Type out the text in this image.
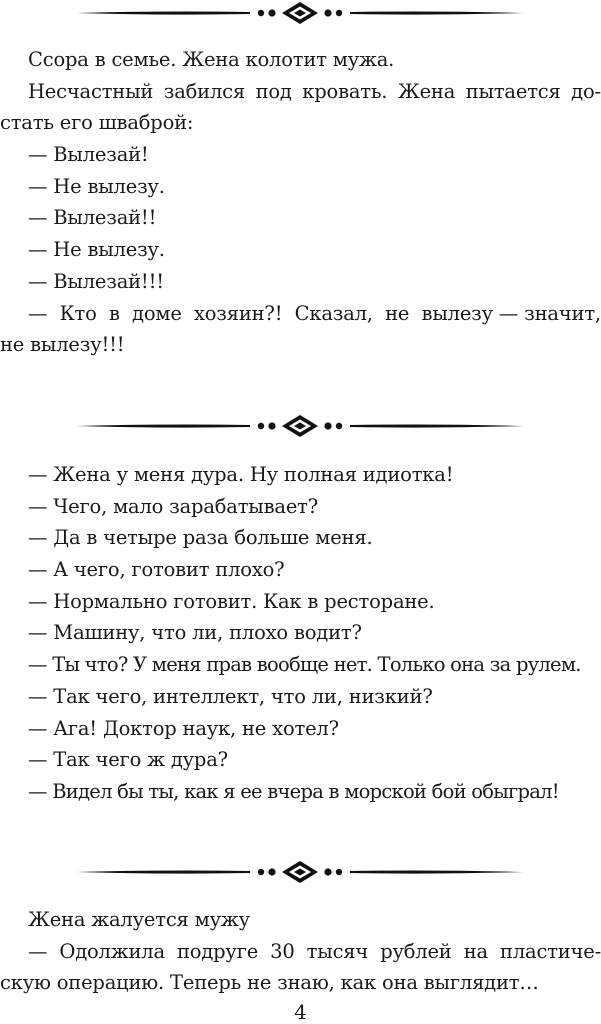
Ссора в семье. Жена колотит мужа.
Несчастный забился под кровать. Жена пытается до-
стать его шваброй:
— Вылезай!
— Не вылезу.
— Вылезай!!
— Не вылезу.
— Вылезай!!!
— Кто в доме хозяин?! Сказал, не вылезу — значит,
не вылезу!!!
— Жена у меня дура. Ну полная идиотка!
— Чего, мало зарабатывает?
— Да в четыре раза больше меня.
— А чего, готовит плохо?
— Нормально готовит. Как в ресторане.
— Машину, что ли, плохо водит?
— Ты что? У меня прав вообще нет. Только она за рулем.
— Так чего, интеллект, что ли, низкий?
— Ага! Доктор наук, не хотел?
— Так чего ж дура?
— Видел бы ты, как я ее вчера в морской бой обыграл!
Жена жалуется мужу
— Одолжила подруге 30 тысяч рублей на пластиче-
скую операцию. Теперь не знаю, как она выглядит…
4
